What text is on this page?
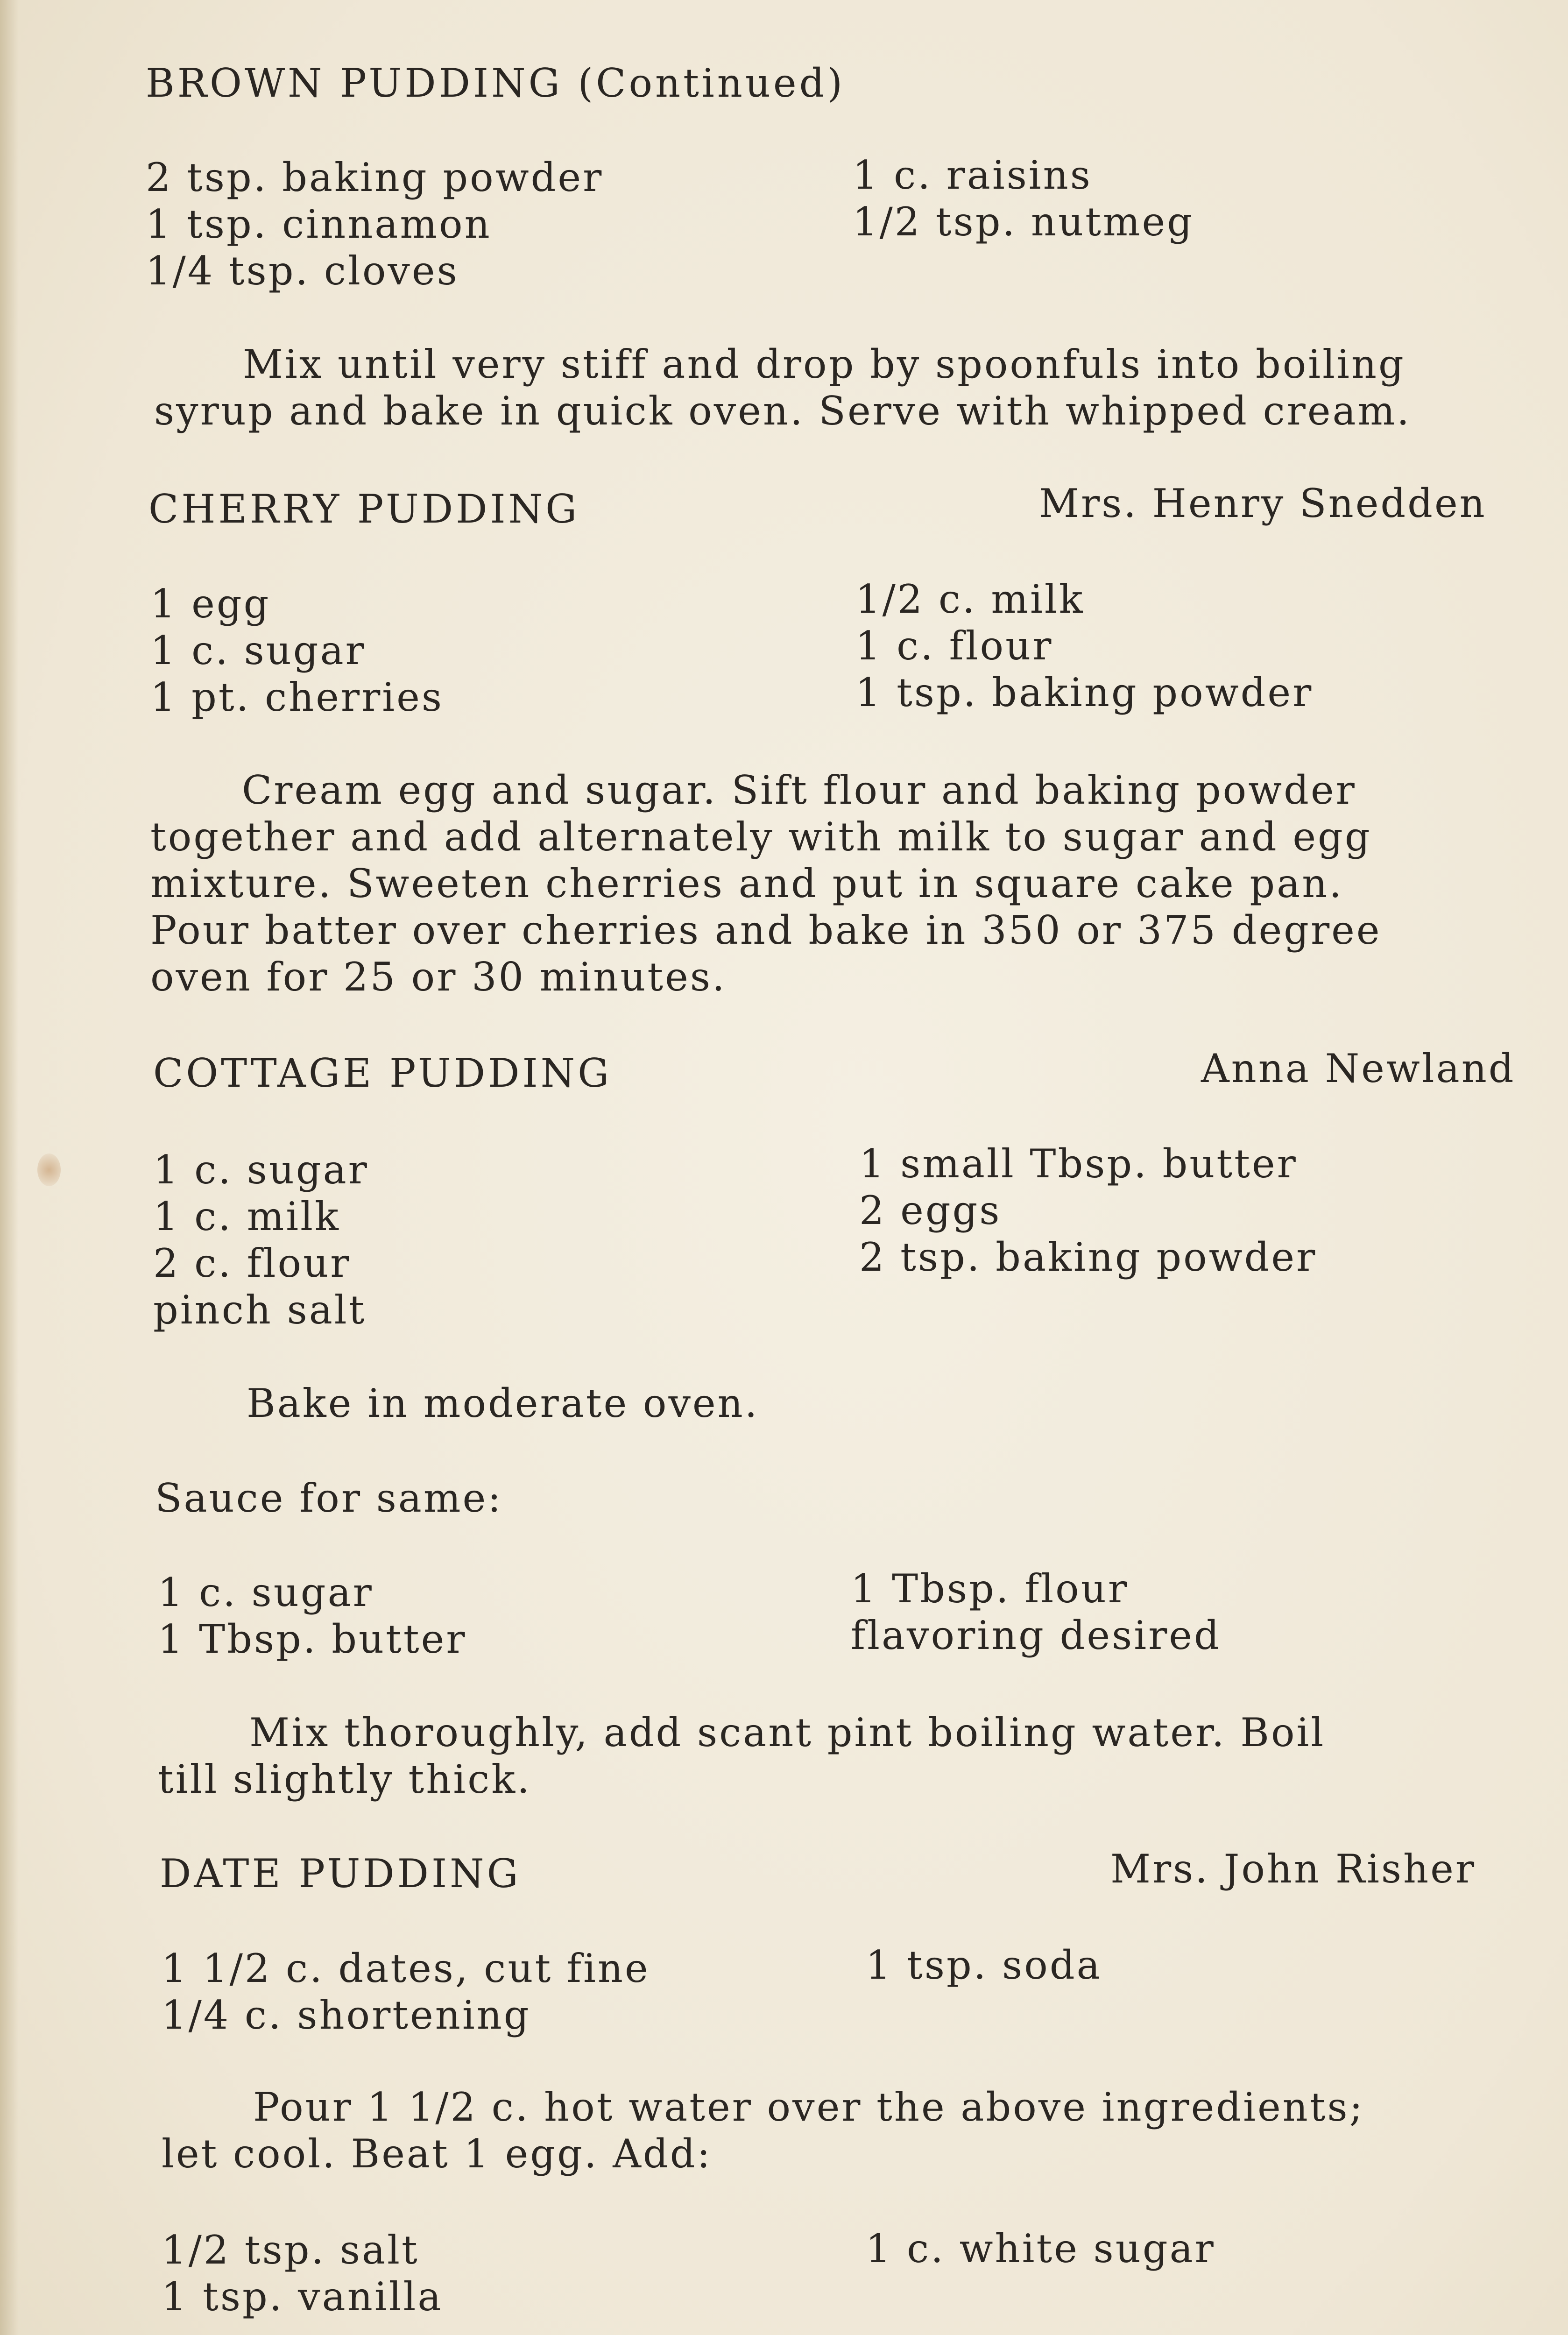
BROWN PUDDING (Continued)
2 tsp. baking powder
1 tsp. cinnamon
1/4 tsp. cloves
1 c. raisins
1/2 tsp. nutmeg
Mix until very stiff and drop by spoonfuls into boiling
syrup and bake in quick oven. Serve with whipped cream.
CHERRY PUDDING	Mrs. Henry Snedden
1 egg
1 c. sugar
1 pt. cherries
1/2 c. milk
1 c. flour
1 tsp. baking powder
Cream egg and sugar. Sift flour and baking powder
together and add alternately with milk to sugar and egg
mixture. Sweeten cherries and put in square cake pan.
Pour batter over cherries and bake in 350 or 375 degree
oven for 25 or 30 minutes.
COTTAGE PUDDING	Anna Newland
1 c. sugar
1 c. milk
2 c. flour
pinch salt
1 small Tbsp. butter
2 eggs
2 tsp. baking powder
Bake in moderate oven.
Sauce for same:
1 c. sugar
1 Tbsp. butter
1 Tbsp. flour
flavoring desired
Mix thoroughly, add scant pint boiling water. Boil
till slightly thick.
DATE PUDDING	Mrs. John Risher
1 1/2 c. dates, cut fine
1/4 c. shortening
1 tsp. soda
Pour 1 1/2 c. hot water over the above ingredients;
let cool. Beat 1 egg. Add:
1/2 tsp. salt
1 tsp. vanilla
1 c. white sugar
